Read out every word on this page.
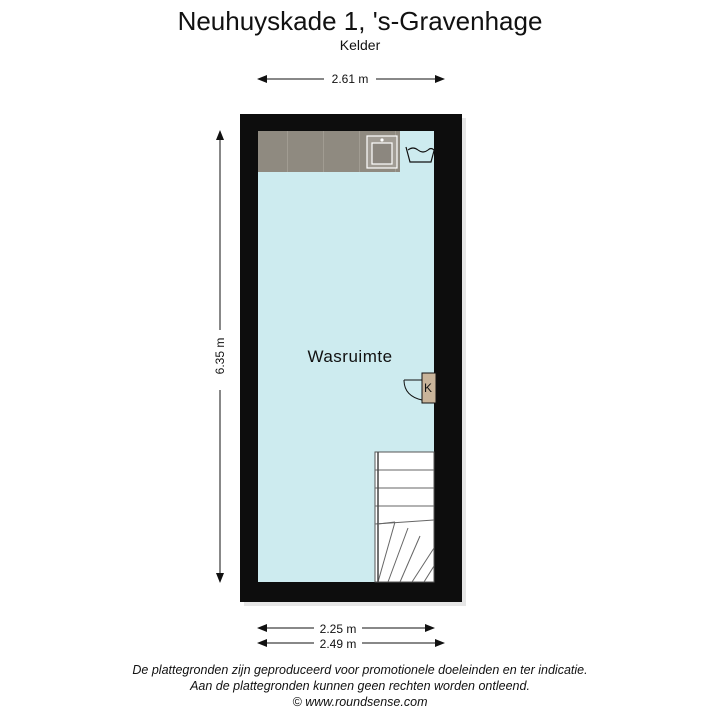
Neuhuyskade 1, 's-Gravenhage
Kelder
K
Wasruimte
2.61 m
6.35 m
2.25 m
2.49 m
De plattegronden zijn geproduceerd voor promotionele doeleinden en ter indicatie.
Aan de plattegronden kunnen geen rechten worden ontleend.
© www.roundsense.com
